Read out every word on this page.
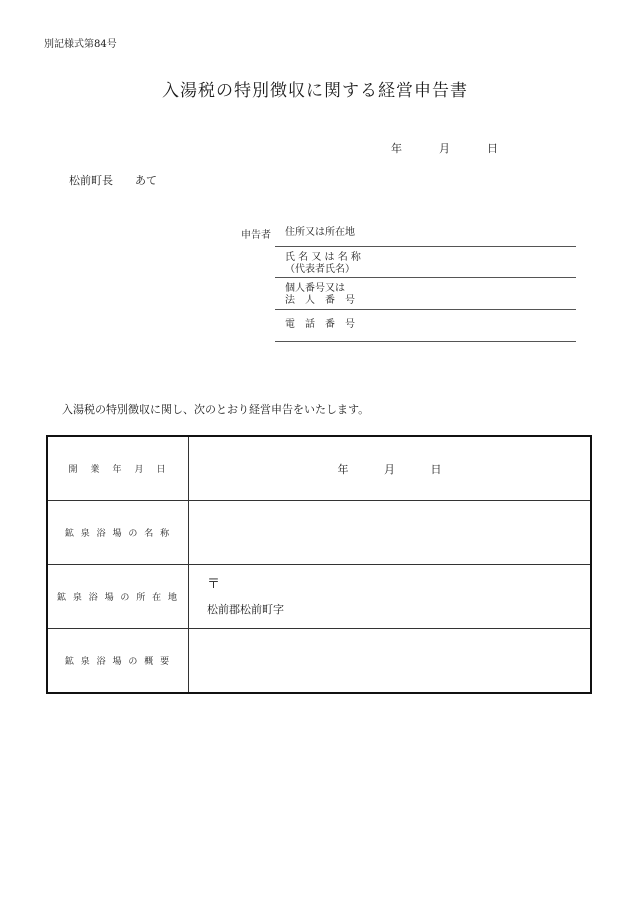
別記様式第84号
入湯税の特別徴収に関する経営申告書
年	月	日
松前町長 あて
申告者 住所又は所在地
氏 名 又 は 名 称
（代表者氏名）
個人番号又は
法　人　番　号
電　話　番　号
入湯税の特別徴収に関し、次のとおり経営申告をいたします。
開　業　年　月　日	年 月 日
鉱 泉 浴 場 の 名 称	
鉱 泉 浴 場 の 所 在 地	〒
松前郡松前町字

鉱 泉 浴 場 の 概 要	
